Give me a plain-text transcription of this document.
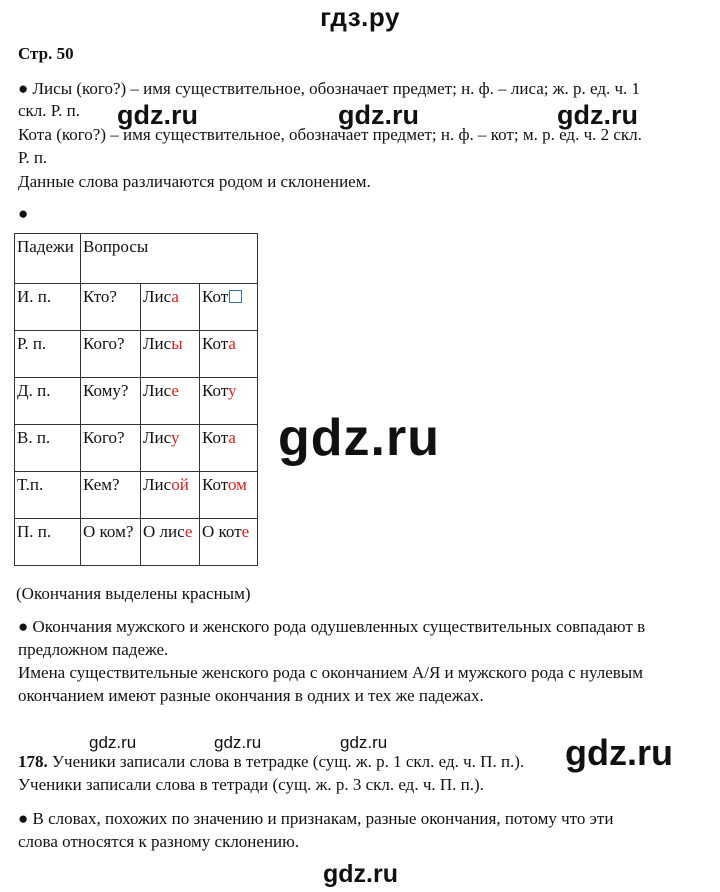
гдз.ру
Стр. 50
● Лисы (кого?) – имя существительное, обозначает предмет; н. ф. – лиса; ж. р. ед. ч. 1
скл. Р. п.
Кота (кого?) – имя существительное, обозначает предмет; н. ф. – кот; м. р. ед. ч. 2 скл.
Р. п.
Данные слова различаются родом и склонением.
gdz.ru	gdz.ru	gdz.ru
●
Падежи	Вопросы		
И. п.	Кто?	Лиса	Кот
Р. п.	Кого?	Лисы	Кота
Д. п.	Кому?	Лисе	Коту
В. п.	Кого?	Лису	Кота
Т.п.	Кем?	Лисой	Котом
П. п.	О ком?	О лисе	О коте
gdz.ru
(Окончания выделены красным)
● Окончания мужского и женского рода одушевленных существительных совпадают в
предложном падеже.
Имена существительные женского рода с окончанием А/Я и мужского рода с нулевым
окончанием имеют разные окончания в одних и тех же падежах.
gdz.ru	gdz.ru	gdz.ru
178. Ученики записали слова в тетрадке (сущ. ж. р. 1 скл. ед. ч. П. п.). gdz.ru
Ученики записали слова в тетради (сущ. ж. р. 3 скл. ед. ч. П. п.).
● В словах, похожих по значению и признакам, разные окончания, потому что эти
слова относятся к разному склонению.
gdz.ru
